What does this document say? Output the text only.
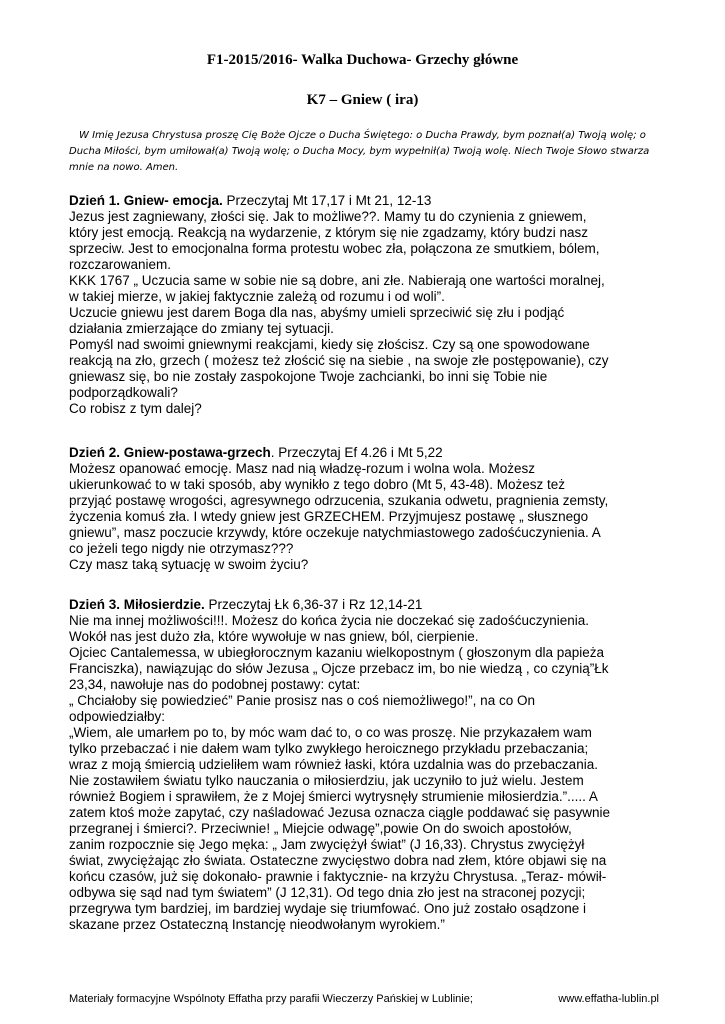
F1-2015/2016- Walka Duchowa- Grzechy główne
K7 – Gniew ( ira)
W Imię Jezusa Chrystusa proszę Cię Boże Ojcze o Ducha Świętego: o Ducha Prawdy, bym poznał(a) Twoją wolę; o Ducha Miłości, bym umiłował(a) Twoją wolę; o Ducha Mocy, bym wypełnił(a) Twoją wolę. Niech Twoje Słowo stwarza mnie na nowo. Amen.
Dzień 1. Gniew- emocja. Przeczytaj Mt 17,17 i Mt 21, 12-13
Jezus jest zagniewany, złości się. Jak to możliwe??. Mamy tu do czynienia z gniewem,
który jest emocją. Reakcją na wydarzenie, z którym się nie zgadzamy, który budzi nasz
sprzeciw. Jest to emocjonalna forma protestu wobec zła, połączona ze smutkiem, bólem,
rozczarowaniem.
KKK 1767 „ Uczucia same w sobie nie są dobre, ani złe. Nabierają one wartości moralnej,
w takiej mierze, w jakiej faktycznie zależą od rozumu i od woli”.
Uczucie gniewu jest darem Boga dla nas, abyśmy umieli sprzeciwić się złu i podjąć
działania zmierzające do zmiany tej sytuacji.
Pomyśl nad swoimi gniewnymi reakcjami, kiedy się złościsz. Czy są one spowodowane
reakcją na zło, grzech ( możesz też złościć się na siebie , na swoje złe postępowanie), czy
gniewasz się, bo nie zostały zaspokojone Twoje zachcianki, bo inni się Tobie nie
podporządkowali?
Co robisz z tym dalej?
Dzień 2. Gniew-postawa-grzech. Przeczytaj Ef 4.26 i Mt 5,22
Możesz opanować emocję. Masz nad nią władzę-rozum i wolna wola. Możesz
ukierunkować to w taki sposób, aby wynikło z tego dobro (Mt 5, 43-48). Możesz też
przyjąć postawę wrogości, agresywnego odrzucenia, szukania odwetu, pragnienia zemsty,
życzenia komuś zła. I wtedy gniew jest GRZECHEM. Przyjmujesz postawę „ słusznego
gniewu”, masz poczucie krzywdy, które oczekuje natychmiastowego zadośćuczynienia. A
co jeżeli tego nigdy nie otrzymasz???
Czy masz taką sytuację w swoim życiu?
Dzień 3. Miłosierdzie. Przeczytaj Łk 6,36-37 i Rz 12,14-21
Nie ma innej możliwości!!!. Możesz do końca życia nie doczekać się zadośćuczynienia.
Wokół nas jest dużo zła, które wywołuje w nas gniew, ból, cierpienie.
Ojciec Cantalemessa, w ubiegłorocznym kazaniu wielkopostnym ( głoszonym dla papieża
Franciszka), nawiązując do słów Jezusa „ Ojcze przebacz im, bo nie wiedzą , co czynią”Łk
23,34, nawołuje nas do podobnej postawy: cytat:
„ Chciałoby się powiedzieć” Panie prosisz nas o coś niemożliwego!”, na co On
odpowiedziałby:
„Wiem, ale umarłem po to, by móc wam dać to, o co was proszę. Nie przykazałem wam
tylko przebaczać i nie dałem wam tylko zwykłego heroicznego przykładu przebaczania;
wraz z moją śmiercią udzieliłem wam również łaski, która uzdalnia was do przebaczania.
Nie zostawiłem światu tylko nauczania o miłosierdziu, jak uczyniło to już wielu. Jestem
również Bogiem i sprawiłem, że z Mojej śmierci wytrysnęły strumienie miłosierdzia.”..... A
zatem ktoś może zapytać, czy naśladować Jezusa oznacza ciągle poddawać się pasywnie
przegranej i śmierci?. Przeciwnie! „ Miejcie odwagę”,powie On do swoich apostołów,
zanim rozpocznie się Jego męka: „ Jam zwyciężył świat” (J 16,33). Chrystus zwyciężył
świat, zwyciężając zło świata. Ostateczne zwycięstwo dobra nad złem, które objawi się na
końcu czasów, już się dokonało- prawnie i faktycznie- na krzyżu Chrystusa. „Teraz- mówił-
odbywa się sąd nad tym światem” (J 12,31). Od tego dnia zło jest na straconej pozycji;
przegrywa tym bardziej, im bardziej wydaje się triumfować. Ono już zostało osądzone i
skazane przez Ostateczną Instancję nieodwołanym wyrokiem.”
Materiały formacyjne Wspólnoty Effatha przy parafii Wieczerzy Pańskiej w Lublinie;	www.effatha-lublin.pl
